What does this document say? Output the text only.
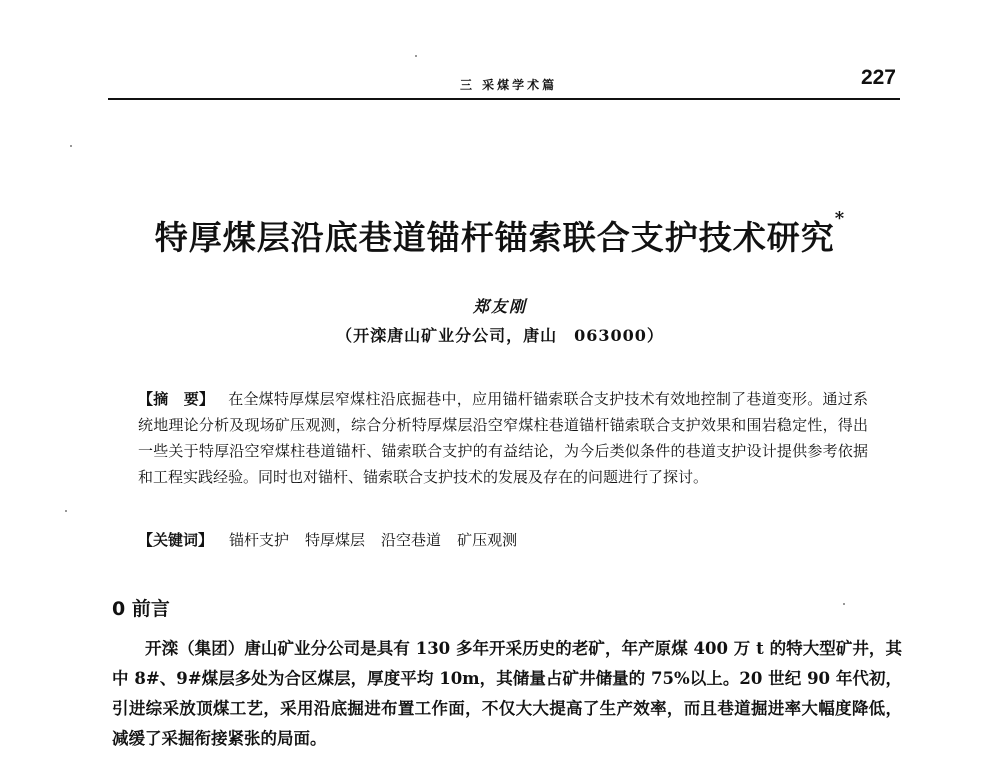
三 采煤学术篇	227
特厚煤层沿底巷道锚杆锚索联合支护技术研究*
郑友刚
（开滦唐山矿业分公司，唐山　063000）
【摘　要】 在全煤特厚煤层窄煤柱沿底掘巷中，应用锚杆锚索联合支护技术有效地控制了巷道变形。通过系统地理论分析及现场矿压观测，综合分析特厚煤层沿空窄煤柱巷道锚杆锚索联合支护效果和围岩稳定性，得出一些关于特厚沿空窄煤柱巷道锚杆、锚索联合支护的有益结论，为今后类似条件的巷道支护设计提供参考依据和工程实践经验。同时也对锚杆、锚索联合支护技术的发展及存在的问题进行了探讨。
【关键词】 锚杆支护 特厚煤层 沿空巷道 矿压观测
0 前言
开滦（集团）唐山矿业分公司是具有 130 多年开采历史的老矿，年产原煤 400 万 t 的特大型矿井，其中 8#、9#煤层多处为合区煤层，厚度平均 10m，其储量占矿井储量的 75%以上。20 世纪 90 年代初，引进综采放顶煤工艺，采用沿底掘进布置工作面，不仅大大提高了生产效率，而且巷道掘进率大幅度降低，减缓了采掘衔接紧张的局面。
